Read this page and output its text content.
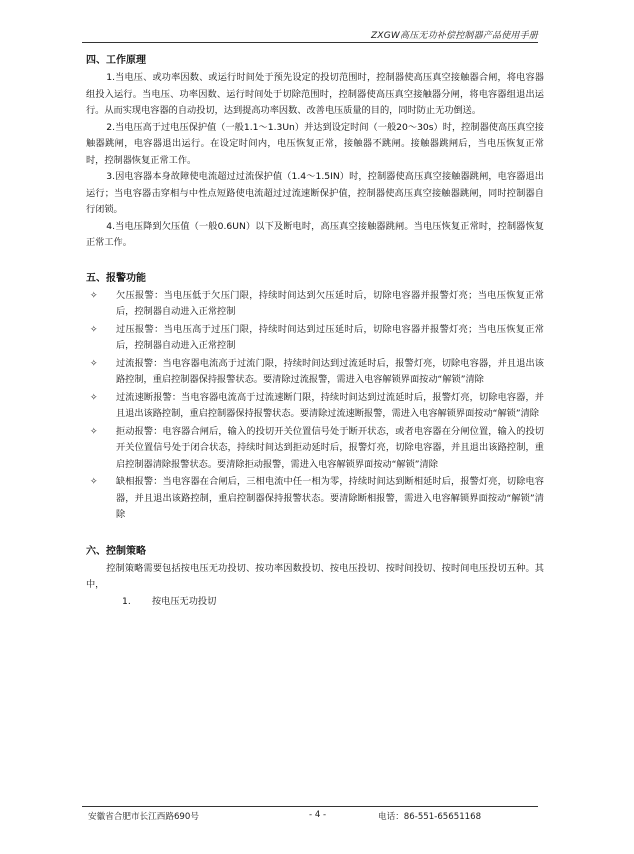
ZXGW高压无功补偿控制器产品使用手册
四、工作原理

1.当电压、或功率因数、或运行时间处于预先设定的投切范围时，控制器使高压真空接触器合闸，将电容器组投入运行。当电压、功率因数、运行时间处于切除范围时，控制器使高压真空接触器分闸，将电容器组退出运行。从而实现电容器的自动投切，达到提高功率因数、改善电压质量的目的，同时防止无功倒送。

2.当电压高于过电压保护值（一般1.1～1.3Un）并达到设定时间（一般20～30s）时，控制器使高压真空接触器跳闸，电容器退出运行。在设定时间内，电压恢复正常，接触器不跳闸。接触器跳闸后，当电压恢复正常时，控制器恢复正常工作。

3.因电容器本身故障使电流超过过流保护值（1.4～1.5IN）时，控制器使高压真空接触器跳闸，电容器退出运行；当电容器击穿相与中性点短路使电流超过过流速断保护值，控制器使高压真空接触器跳闸，同时控制器自行闭锁。

4.当电压降到欠压值（一般0.6UN）以下及断电时，高压真空接触器跳闸。当电压恢复正常时，控制器恢复正常工作。

五、报警功能
✧	欠压报警：当电压低于欠压门限，持续时间达到欠压延时后，切除电容器并报警灯亮；当电压恢复正常后，控制器自动进入正常控制
✧	过压报警：当电压高于过压门限，持续时间达到过压延时后，切除电容器并报警灯亮；当电压恢复正常后，控制器自动进入正常控制
✧	过流报警：当电容器电流高于过流门限，持续时间达到过流延时后，报警灯亮，切除电容器，并且退出该路控制，重启控制器保持报警状态。要清除过流报警，需进入电容解锁界面按动“解锁”清除
✧	过流速断报警：当电容器电流高于过流速断门限，持续时间达到过流延时后，报警灯亮，切除电容器，并且退出该路控制，重启控制器保持报警状态。要清除过流速断报警，需进入电容解锁界面按动“解锁”清除
✧	拒动报警：电容器合闸后，输入的投切开关位置信号处于断开状态，或者电容器在分闸位置，输入的投切开关位置信号处于闭合状态，持续时间达到拒动延时后，报警灯亮，切除电容器，并且退出该路控制，重启控制器清除报警状态。要清除拒动报警，需进入电容解锁界面按动“解锁”清除
✧	缺相报警：当电容器在合闸后，三相电流中任一相为零，持续时间达到断相延时后，报警灯亮，切除电容器，并且退出该路控制，重启控制器保持报警状态。要清除断相报警，需进入电容解锁界面按动“解锁”清除
六、控制策略

控制策略需要包括按电压无功投切、按功率因数投切、按电压投切、按时间投切、按时间电压投切五种。其中，

1.	按电压无功投切
安徽省合肥市长江西路690号	- 4 -	电话：86-551-65651168
